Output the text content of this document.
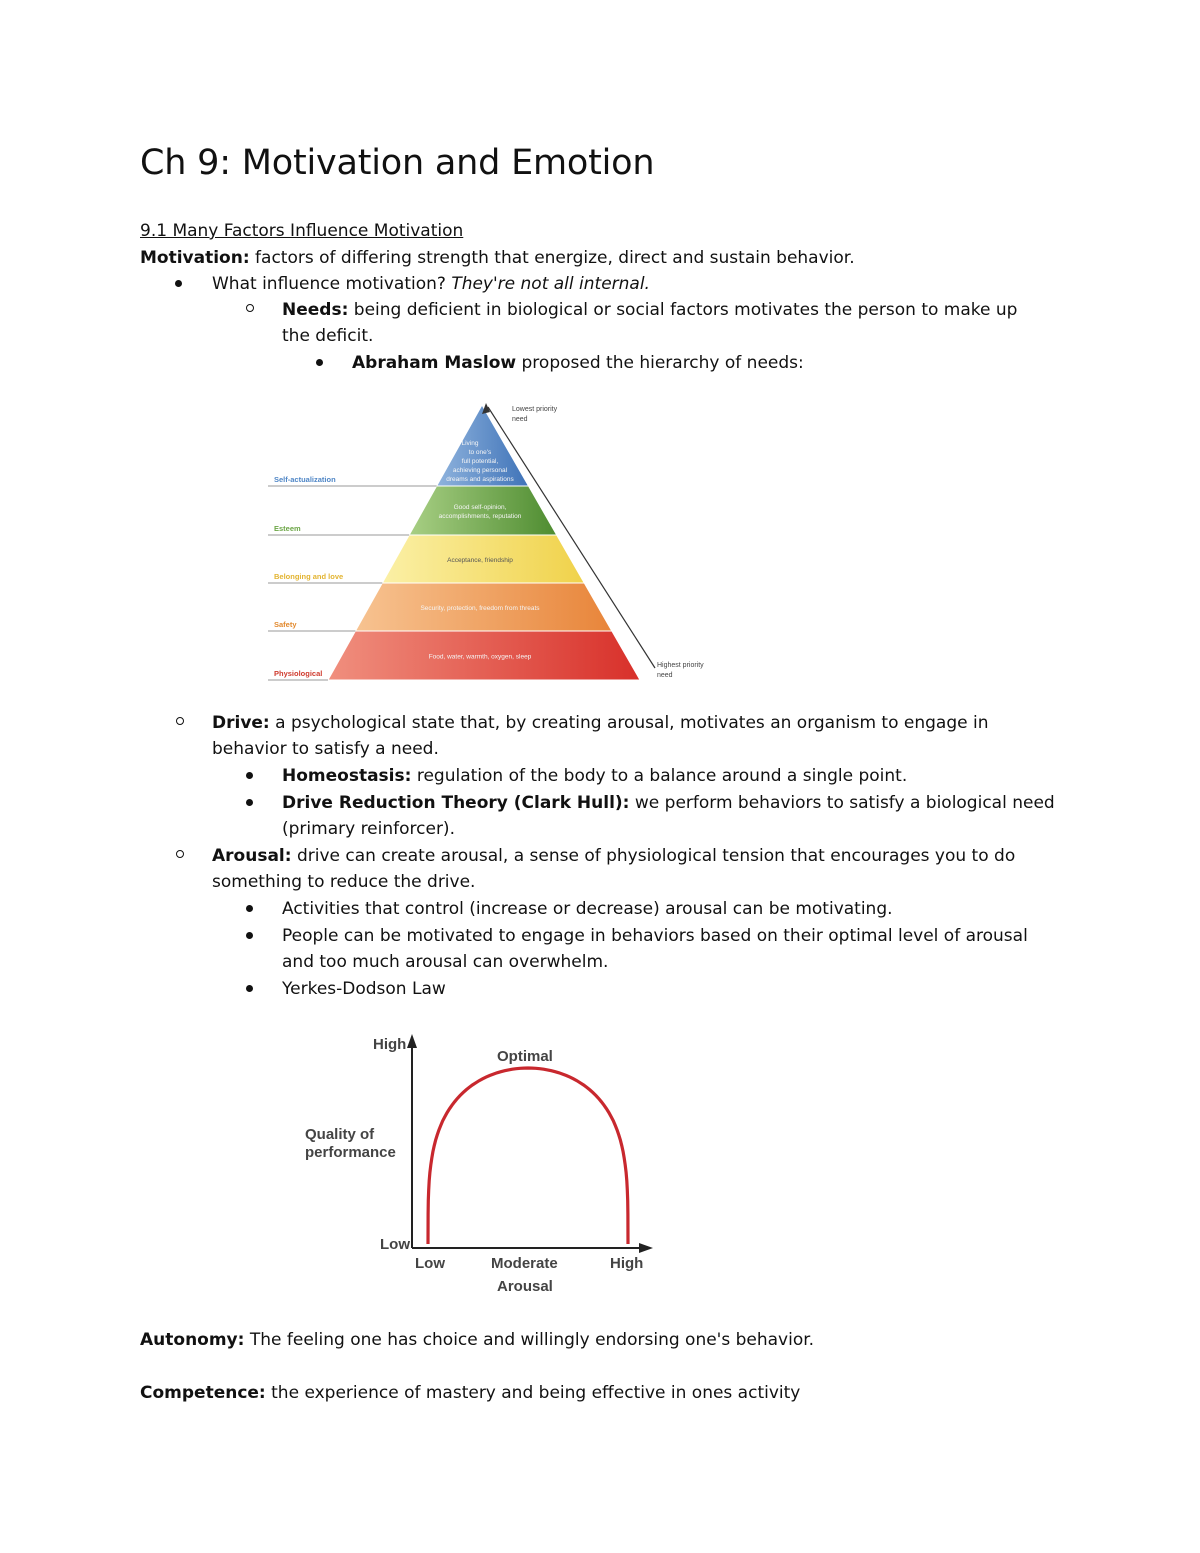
Ch 9: Motivation and Emotion
9.1 Many Factors Influence Motivation
Motivation: factors of differing strength that energize, direct and sustain behavior.
What influence motivation? They're not all internal.
Needs: being deficient in biological or social factors motivates the person to make up
the deficit.
Abraham Maslow proposed the hierarchy of needs:
Self-actualization
Esteem
Belonging and love
Safety
Physiological
Living
to one's
full potential,
achieving personal
dreams and aspirations
Good self-opinion,
accomplishments, reputation
Acceptance, friendship
Security, protection, freedom from threats
Food, water, warmth, oxygen, sleep
Lowest priority
need
Highest priority
need
Drive: a psychological state that, by creating arousal, motivates an organism to engage in
behavior to satisfy a need.
Homeostasis: regulation of the body to a balance around a single point.
Drive Reduction Theory (Clark Hull): we perform behaviors to satisfy a biological need
(primary reinforcer).
Arousal: drive can create arousal, a sense of physiological tension that encourages you to do
something to reduce the drive.
Activities that control (increase or decrease) arousal can be motivating.
People can be motivated to engage in behaviors based on their optimal level of arousal
and too much arousal can overwhelm.
Yerkes-Dodson Law
High
Low
Quality of
performance
Optimal
Low	Moderate	High
Arousal
Autonomy: The feeling one has choice and willingly endorsing one's behavior.
Competence: the experience of mastery and being effective in ones activity
